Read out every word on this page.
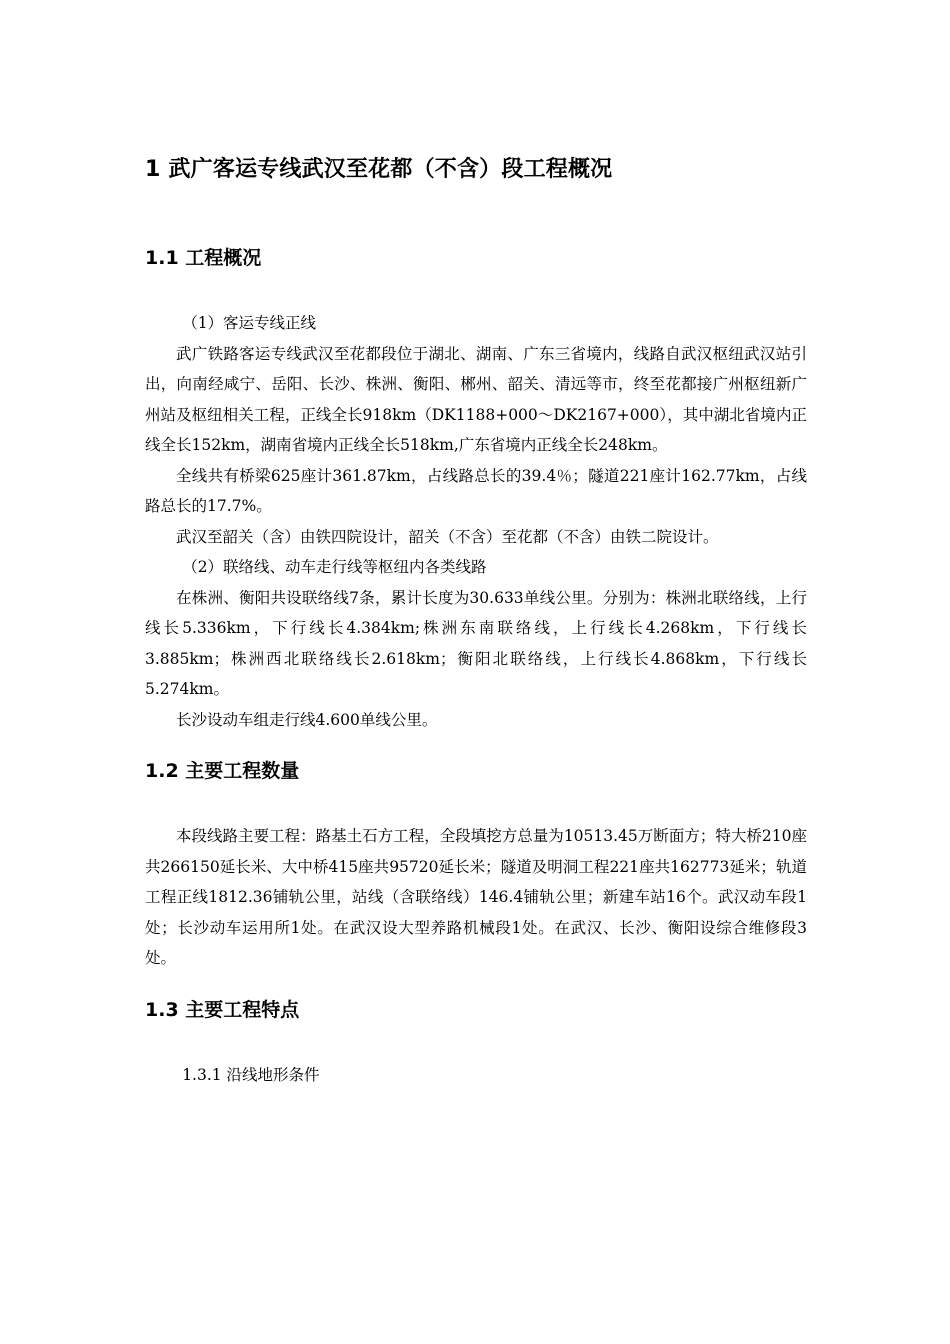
1 武广客运专线武汉至花都（不含）段工程概况
1.1 工程概况

（1）客运专线正线

武广铁路客运专线武汉至花都段位于湖北、湖南、广东三省境内，线路自武汉枢纽武汉站引出，向南经咸宁、岳阳、长沙、株洲、衡阳、郴州、韶关、清远等市，终至花都接广州枢纽新广州站及枢纽相关工程，正线全长918km（DK1188+000～DK2167+000），其中湖北省境内正线全长152km，湖南省境内正线全长518km,广东省境内正线全长248km。

全线共有桥梁625座计361.87km，占线路总长的39.4％；隧道221座计162.77km，占线路总长的17.7%。

武汉至韶关（含）由铁四院设计，韶关（不含）至花都（不含）由铁二院设计。

（2）联络线、动车走行线等枢纽内各类线路

在株洲、衡阳共设联络线7条，累计长度为30.633单线公里。分别为：株洲北联络线，上行线长5.336km，下行线长4.384km;株洲东南联络线，上行线长4.268km，下行线长3.885km；株洲西北联络线长2.618km；衡阳北联络线，上行线长4.868km，下行线长5.274km。

长沙设动车组走行线4.600单线公里。

1.2 主要工程数量

本段线路主要工程：路基土石方工程，全段填挖方总量为10513.45万断面方；特大桥210座共266150延长米、大中桥415座共95720延长米；隧道及明洞工程221座共162773延米；轨道工程正线1812.36铺轨公里，站线（含联络线）146.4铺轨公里；新建车站16个。武汉动车段1处；长沙动车运用所1处。在武汉设大型养路机械段1处。在武汉、长沙、衡阳设综合维修段3处。

1.3 主要工程特点

1.3.1 沿线地形条件
